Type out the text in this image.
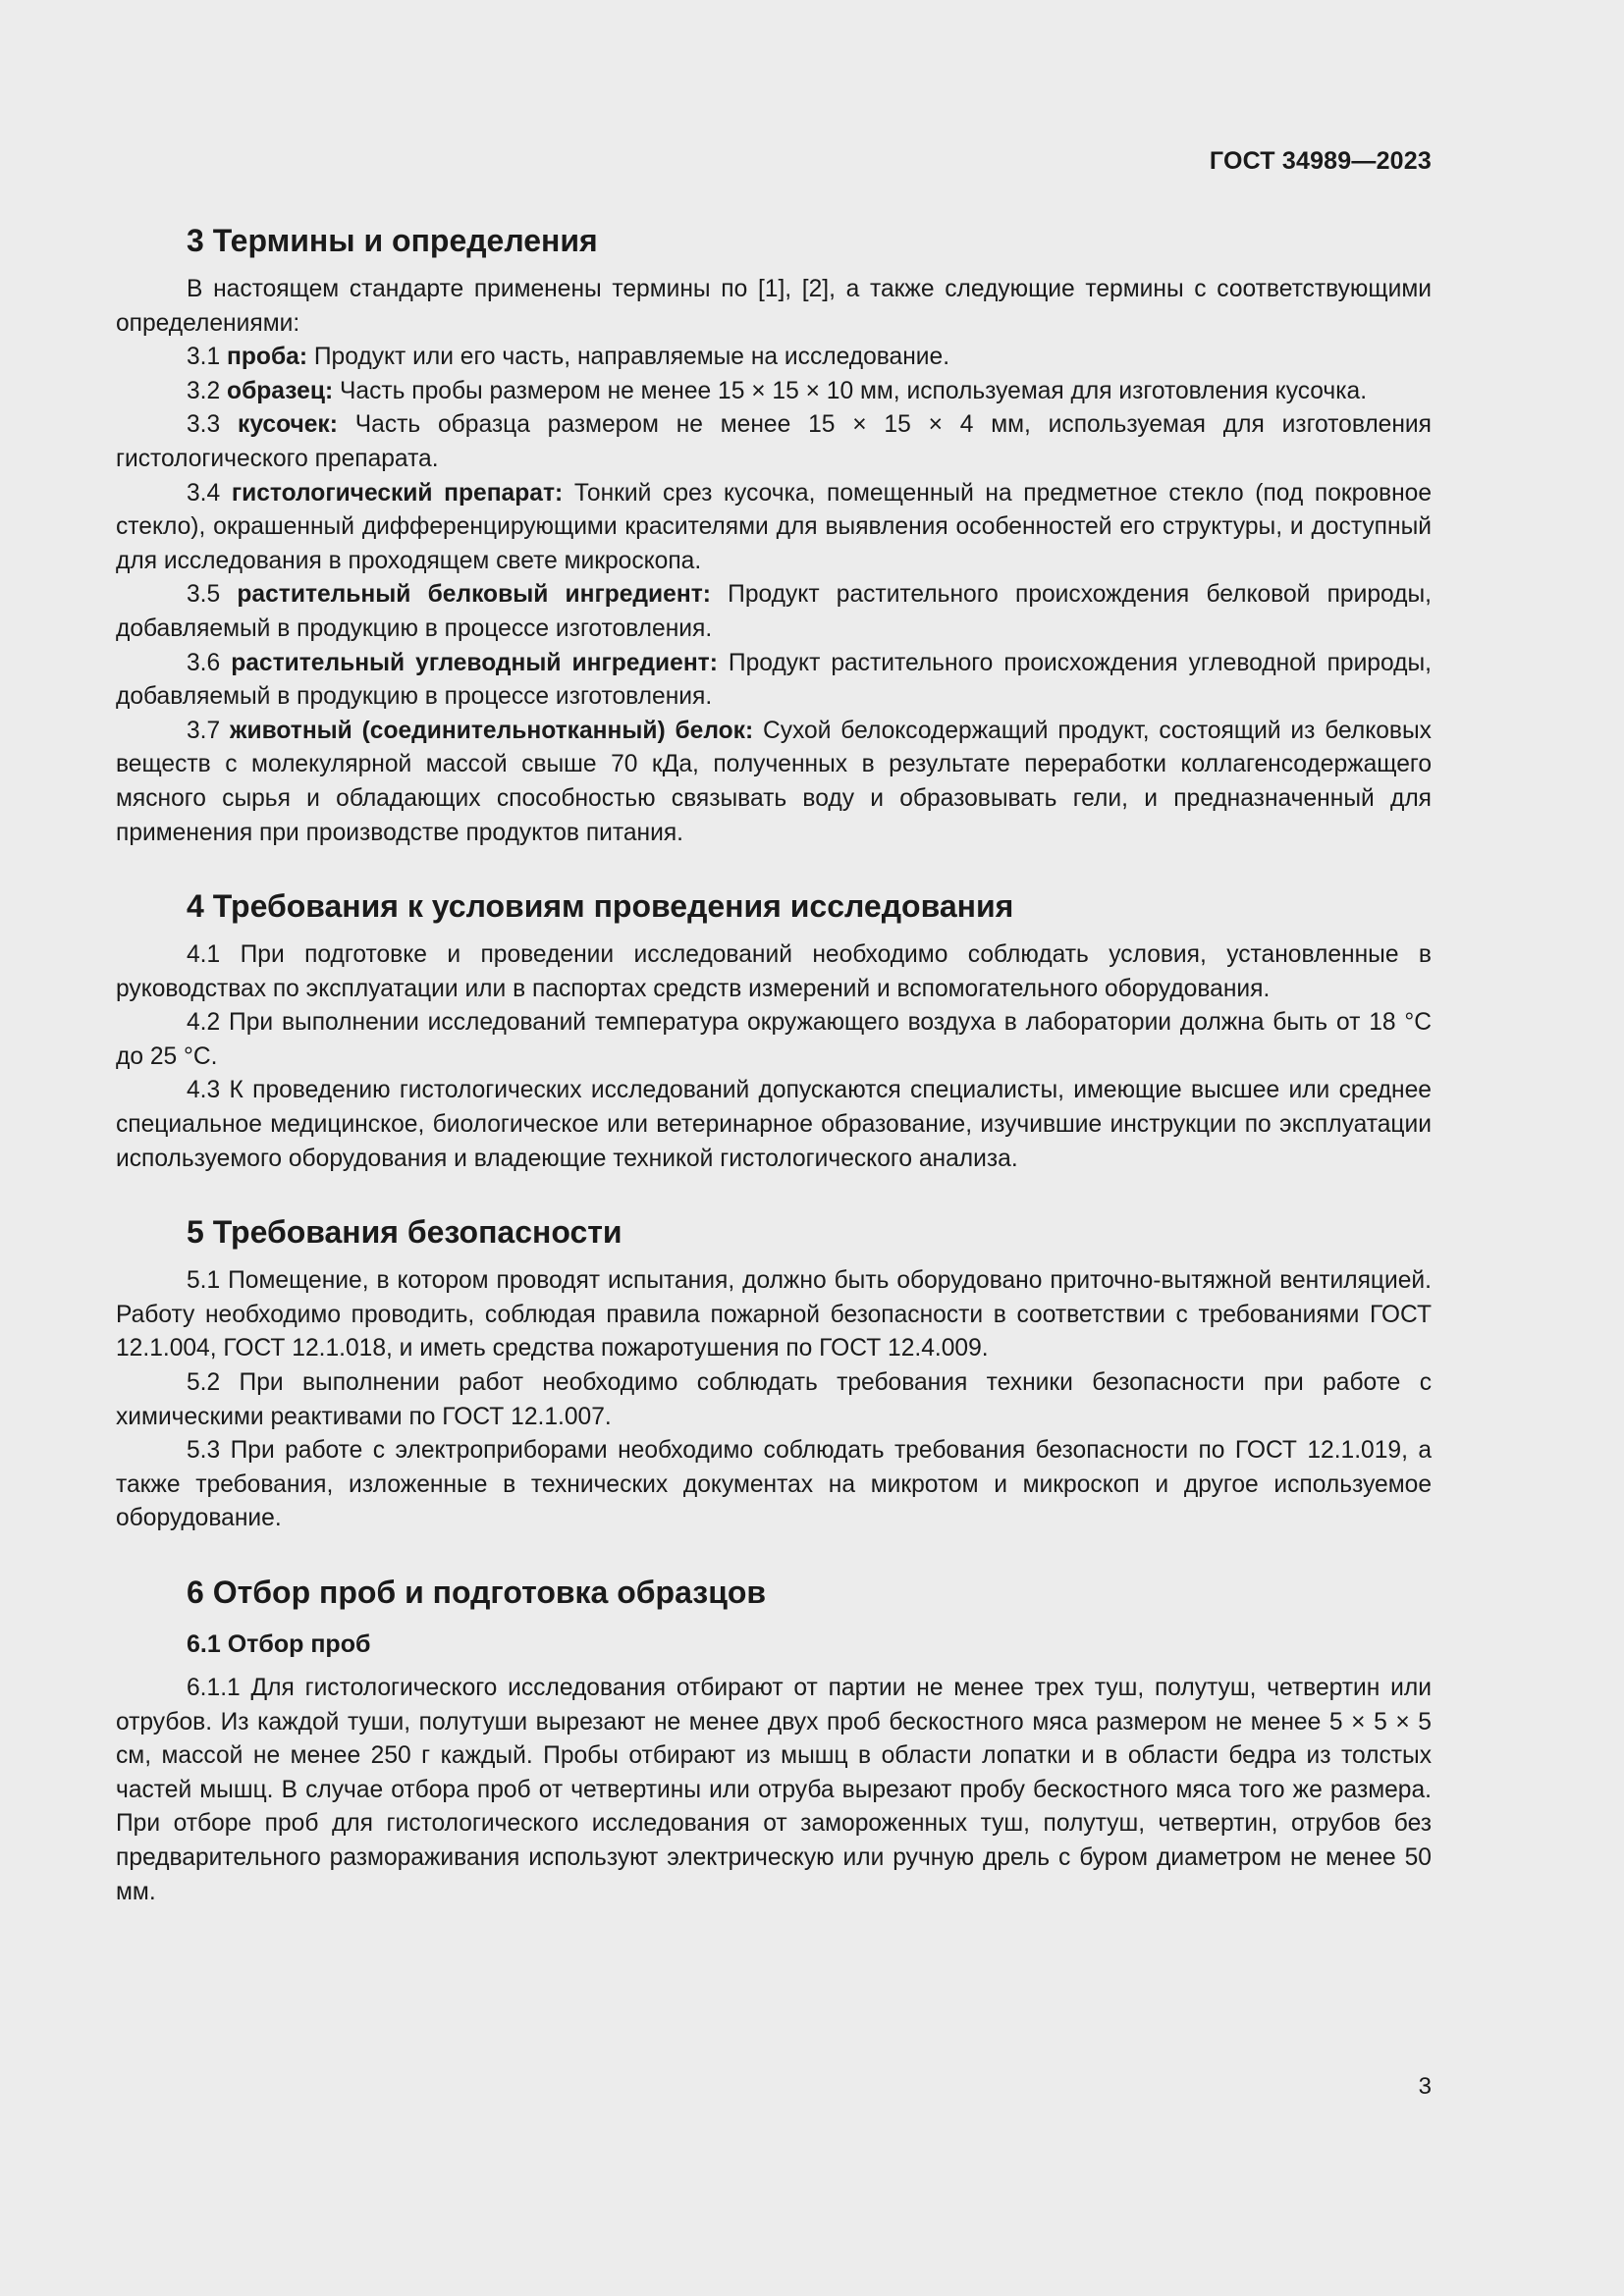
ГОСТ 34989—2023
3 Термины и определения

В настоящем стандарте применены термины по [1], [2], а также следующие термины с соответствующими определениями:

3.1 проба: Продукт или его часть, направляемые на исследование.

3.2 образец: Часть пробы размером не менее 15 × 15 × 10 мм, используемая для изготовления кусочка.

3.3 кусочек: Часть образца размером не менее 15 × 15 × 4 мм, используемая для изготовления гистологического препарата.

3.4 гистологический препарат: Тонкий срез кусочка, помещенный на предметное стекло (под покровное стекло), окрашенный дифференцирующими красителями для выявления особенностей его структуры, и доступный для исследования в проходящем свете микроскопа.

3.5 растительный белковый ингредиент: Продукт растительного происхождения белковой природы, добавляемый в продукцию в процессе изготовления.

3.6 растительный углеводный ингредиент: Продукт растительного происхождения углеводной природы, добавляемый в продукцию в процессе изготовления.

3.7 животный (соединительнотканный) белок: Сухой белоксодержащий продукт, состоящий из белковых веществ с молекулярной массой свыше 70 кДа, полученных в результате переработки коллагенсодержащего мясного сырья и обладающих способностью связывать воду и образовывать гели, и предназначенный для применения при производстве продуктов питания.

4 Требования к условиям проведения исследования

4.1 При подготовке и проведении исследований необходимо соблюдать условия, установленные в руководствах по эксплуатации или в паспортах средств измерений и вспомогательного оборудования.

4.2 При выполнении исследований температура окружающего воздуха в лаборатории должна быть от 18 °С до 25 °С.

4.3 К проведению гистологических исследований допускаются специалисты, имеющие высшее или среднее специальное медицинское, биологическое или ветеринарное образование, изучившие инструкции по эксплуатации используемого оборудования и владеющие техникой гистологического анализа.

5 Требования безопасности

5.1 Помещение, в котором проводят испытания, должно быть оборудовано приточно-вытяжной вентиляцией. Работу необходимо проводить, соблюдая правила пожарной безопасности в соответствии с требованиями ГОСТ 12.1.004, ГОСТ 12.1.018, и иметь средства пожаротушения по ГОСТ 12.4.009.

5.2 При выполнении работ необходимо соблюдать требования техники безопасности при работе с химическими реактивами по ГОСТ 12.1.007.

5.3 При работе с электроприборами необходимо соблюдать требования безопасности по ГОСТ 12.1.019, а также требования, изложенные в технических документах на микротом и микроскоп и другое используемое оборудование.

6 Отбор проб и подготовка образцов
6.1 Отбор проб

6.1.1 Для гистологического исследования отбирают от партии не менее трех туш, полутуш, четвертин или отрубов. Из каждой туши, полутуши вырезают не менее двух проб бескостного мяса размером не менее 5 × 5 × 5 см, массой не менее 250 г каждый. Пробы отбирают из мышц в области лопатки и в области бедра из толстых частей мышц. В случае отбора проб от четвертины или отруба вырезают пробу бескостного мяса того же размера. При отборе проб для гистологического исследования от замороженных туш, полутуш, четвертин, отрубов без предварительного размораживания используют электрическую или ручную дрель с буром диаметром не менее 50 мм.

3
